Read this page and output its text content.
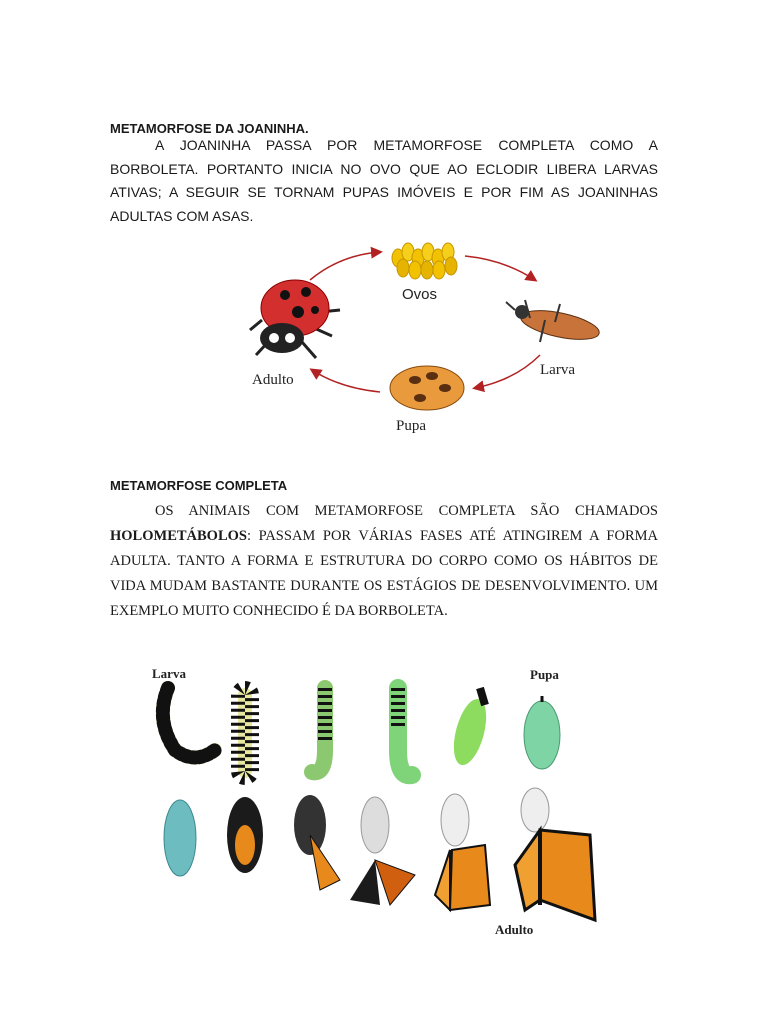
METAMORFOSE DA JOANINHA.

A JOANINHA PASSA POR METAMORFOSE COMPLETA COMO A BORBOLETA. PORTANTO INICIA NO OVO QUE AO ECLODIR LIBERA LARVAS ATIVAS; A SEGUIR SE TORNAM PUPAS IMÓVEIS E POR FIM AS JOANINHAS ADULTAS COM ASAS.

Ovos
Adulto
Larva
Pupa
METAMORFOSE COMPLETA

OS ANIMAIS COM METAMORFOSE COMPLETA SÃO CHAMADOS HOLOMETÁBOLOS: PASSAM POR VÁRIAS FASES ATÉ ATINGIREM A FORMA ADULTA. TANTO A FORMA E ESTRUTURA DO CORPO COMO OS HÁBITOS DE VIDA MUDAM BASTANTE DURANTE OS ESTÁGIOS DE DESENVOLVIMENTO. UM EXEMPLO MUITO CONHECIDO É DA BORBOLETA.

Larva	Pupa
Adulto
